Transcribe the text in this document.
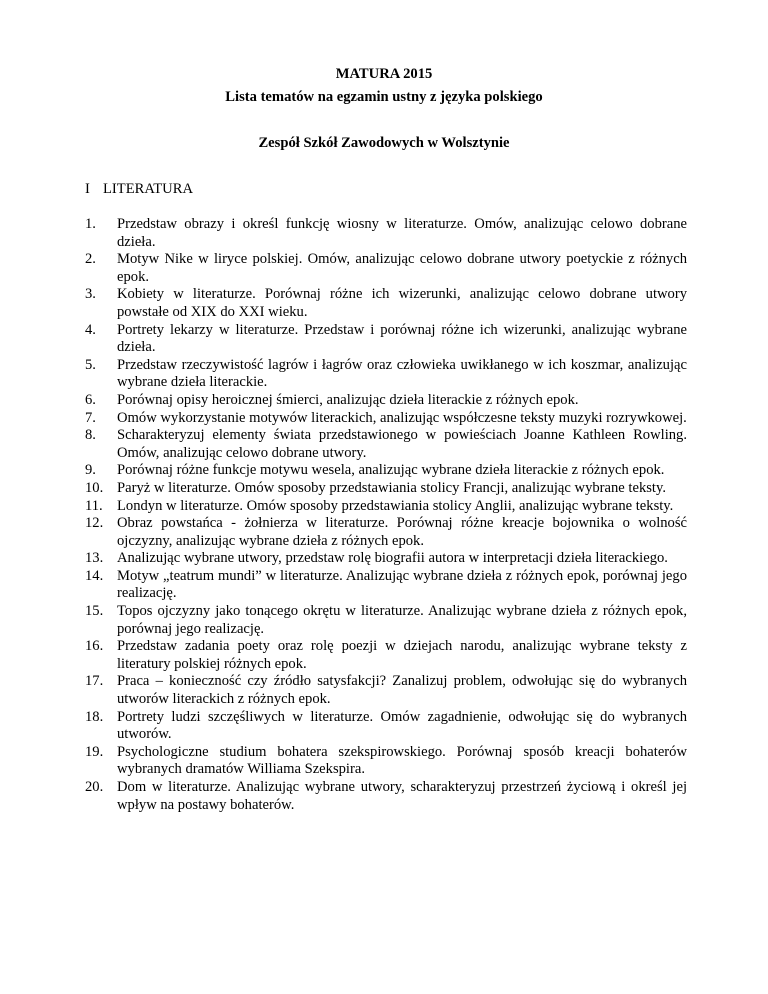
MATURA 2015

Lista tematów na egzamin ustny z języka polskiego

Zespół Szkół Zawodowych w Wolsztynie

I LITERATURA

1.	Przedstaw obrazy i określ funkcję wiosny w literaturze. Omów, analizując celowo dobrane dzieła.
2.	Motyw Nike w liryce polskiej. Omów, analizując celowo dobrane utwory poetyckie z różnych epok.
3.	Kobiety w literaturze. Porównaj różne ich wizerunki, analizując celowo dobrane utwory powstałe od XIX do XXI wieku.
4.	Portrety lekarzy w literaturze. Przedstaw i porównaj różne ich wizerunki, analizując wybrane dzieła.
5.	Przedstaw rzeczywistość lagrów i łagrów oraz człowieka uwikłanego w ich koszmar, analizując wybrane dzieła literackie.
6.	Porównaj opisy heroicznej śmierci, analizując dzieła literackie z różnych epok.
7.	Omów wykorzystanie motywów literackich, analizując współczesne teksty muzyki rozrywkowej.
8.	Scharakteryzuj elementy świata przedstawionego w powieściach Joanne Kathleen Rowling. Omów, analizując celowo dobrane utwory.
9.	Porównaj różne funkcje motywu wesela, analizując wybrane dzieła literackie z różnych epok.
10. Paryż w literaturze. Omów sposoby przedstawiania stolicy Francji, analizując wybrane teksty.
11. Londyn w literaturze. Omów sposoby przedstawiania stolicy Anglii, analizując wybrane teksty.
12. Obraz powstańca - żołnierza w literaturze. Porównaj różne kreacje bojownika o wolność ojczyzny, analizując wybrane dzieła z różnych epok.
13. Analizując wybrane utwory, przedstaw rolę biografii autora w interpretacji dzieła literackiego.
14. Motyw „teatrum mundi” w literaturze. Analizując wybrane dzieła z różnych epok, porównaj jego realizację.
15. Topos ojczyzny jako tonącego okrętu w literaturze. Analizując wybrane dzieła z różnych epok, porównaj jego realizację.
16. Przedstaw zadania poety oraz rolę poezji w dziejach narodu, analizując wybrane teksty z literatury polskiej różnych epok.
17. Praca – konieczność czy źródło satysfakcji? Zanalizuj problem, odwołując się do wybranych utworów literackich z różnych epok.
18. Portrety ludzi szczęśliwych w literaturze. Omów zagadnienie, odwołując się do wybranych utworów.
19. Psychologiczne studium bohatera szekspirowskiego. Porównaj sposób kreacji bohaterów wybranych dramatów Williama Szekspira.
20. Dom w literaturze. Analizując wybrane utwory, scharakteryzuj przestrzeń życiową i określ jej wpływ na postawy bohaterów.
